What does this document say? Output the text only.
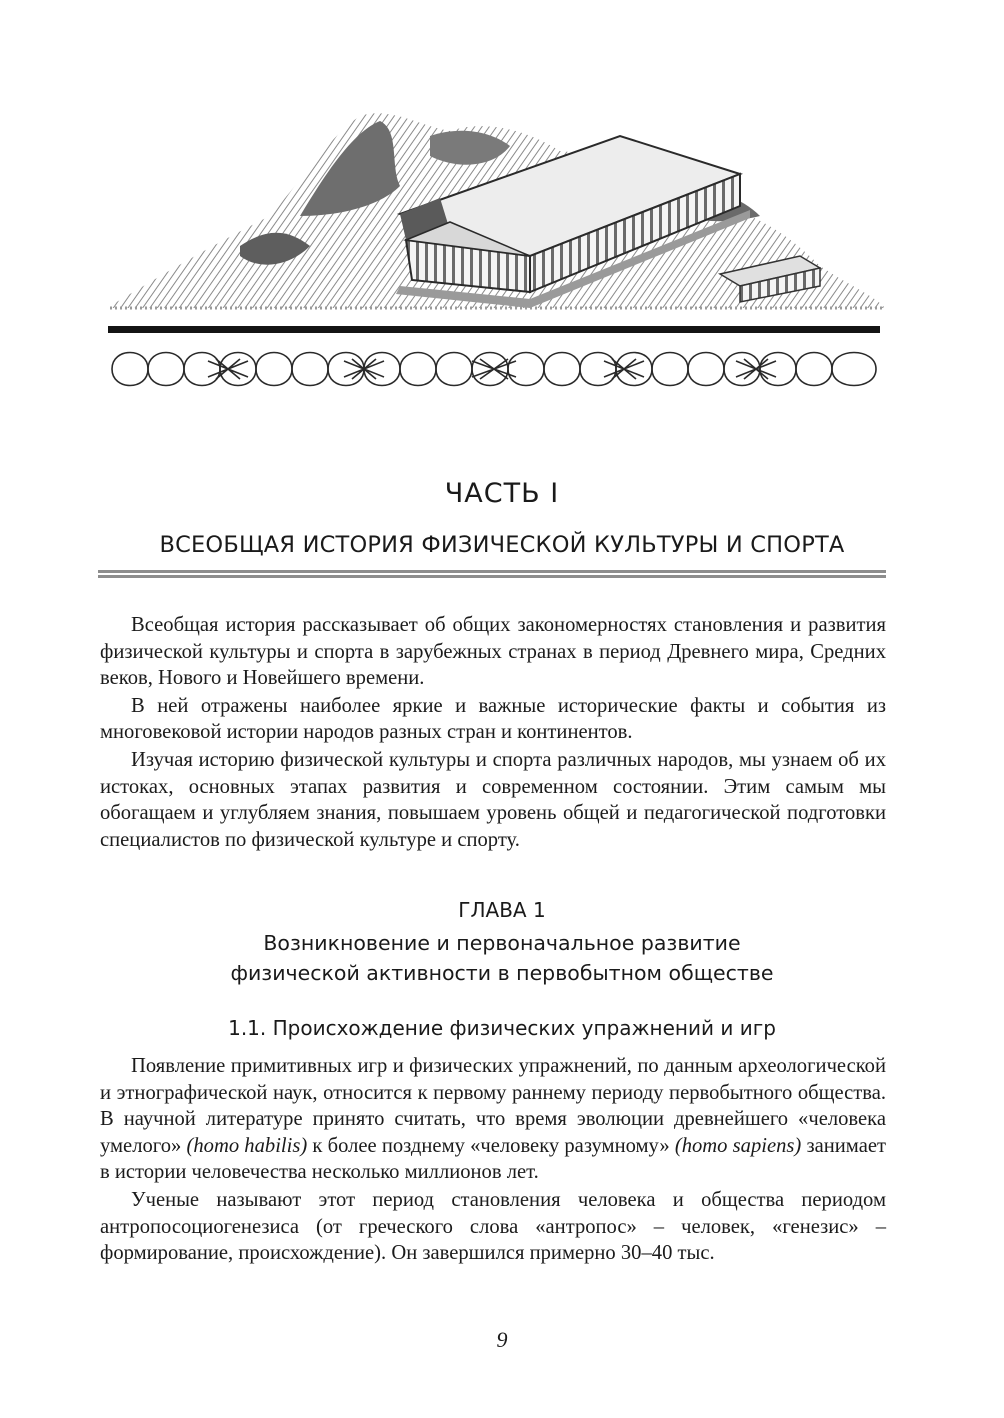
ЧАСТЬ I
ВСЕОБЩАЯ ИСТОРИЯ ФИЗИЧЕСКОЙ КУЛЬТУРЫ И СПОРТА

Всеобщая история рассказывает об общих закономерностях становления и развития физической культуры и спорта в зарубежных странах в период Древнего мира, Средних веков, Нового и Новейшего времени.

В ней отражены наиболее яркие и важные исторические факты и события из многовековой истории народов разных стран и континентов.

Изучая историю физической культуры и спорта различных народов, мы узнаем об их истоках, основных этапах развития и современном состоянии. Этим самым мы обогащаем и углубляем знания, повышаем уровень общей и педагогической подготовки специалистов по физической культуре и спорту.

ГЛАВА 1
Возникновение и первоначальное развитие
физической активности в первобытном обществе
1.1. Происхождение физических упражнений и игр

Появление примитивных игр и физических упражнений, по данным археологической и этнографической наук, относится к первому раннему периоду первобытного общества. В научной литературе принято считать, что время эволюции древнейшего «человека умелого» (homo habilis) к более позднему «человеку разумному» (homo sapiens) занимает в истории человечества несколько миллионов лет.

Ученые называют этот период становления человека и общества периодом антропосоциогенезиса (от греческого слова «антропос» – человек, «генезис» – формирование, происхождение). Он завершился примерно 30–40 тыс.

9
